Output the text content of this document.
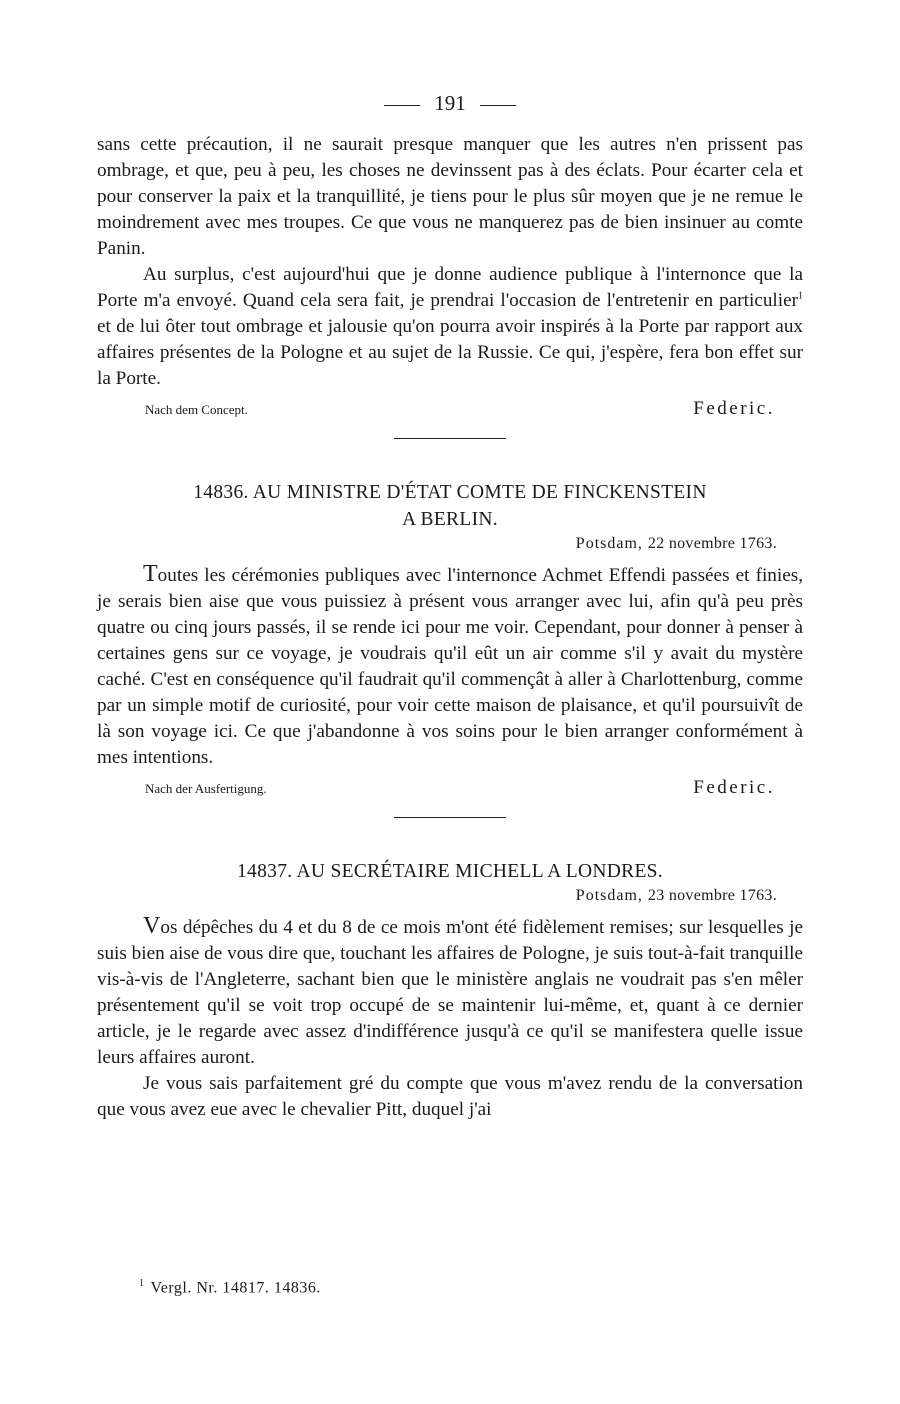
191

sans cette précaution, il ne saurait presque manquer que les autres n'en prissent pas ombrage, et que, peu à peu, les choses ne devinssent pas à des éclats. Pour écarter cela et pour conserver la paix et la tranquillité, je tiens pour le plus sûr moyen que je ne remue le moindrement avec mes troupes. Ce que vous ne manquerez pas de bien insinuer au comte Panin.

Au surplus, c'est aujourd'hui que je donne audience publique à l'internonce que la Porte m'a envoyé. Quand cela sera fait, je prendrai l'occasion de l'entretenir en particulier$^1$ et de lui ôter tout ombrage et jalousie qu'on pourra avoir inspirés à la Porte par rapport aux affaires présentes de la Pologne et au sujet de la Russie. Ce qui, j'espère, fera bon effet sur la Porte.

Nach dem Concept.	Federic.
14836. AU MINISTRE D'ÉTAT COMTE DE FINCKENSTEIN
A BERLIN.
Potsdam, 22 novembre 1763.

Toutes les cérémonies publiques avec l'internonce Achmet Effendi passées et finies, je serais bien aise que vous puissiez à présent vous arranger avec lui, afin qu'à peu près quatre ou cinq jours passés, il se rende ici pour me voir. Cependant, pour donner à penser à certaines gens sur ce voyage, je voudrais qu'il eût un air comme s'il y avait du mystère caché. C'est en conséquence qu'il faudrait qu'il commençât à aller à Charlottenburg, comme par un simple motif de curiosité, pour voir cette maison de plaisance, et qu'il poursuivît de là son voyage ici. Ce que j'abandonne à vos soins pour le bien arranger conformément à mes intentions.

Nach der Ausfertigung.	Federic.
14837. AU SECRÉTAIRE MICHELL A LONDRES.
Potsdam, 23 novembre 1763.

Vos dépêches du 4 et du 8 de ce mois m'ont été fidèlement remises; sur lesquelles je suis bien aise de vous dire que, touchant les affaires de Pologne, je suis tout-à-fait tranquille vis-à-vis de l'Angleterre, sachant bien que le ministère anglais ne voudrait pas s'en mêler présentement qu'il se voit trop occupé de se maintenir lui-même, et, quant à ce dernier article, je le regarde avec assez d'indifférence jusqu'à ce qu'il se manifestera quelle issue leurs affaires auront.

Je vous sais parfaitement gré du compte que vous m'avez rendu de la conversation que vous avez eue avec le chevalier Pitt, duquel j'ai

$^1$ Vergl. Nr. 14817. 14836.
